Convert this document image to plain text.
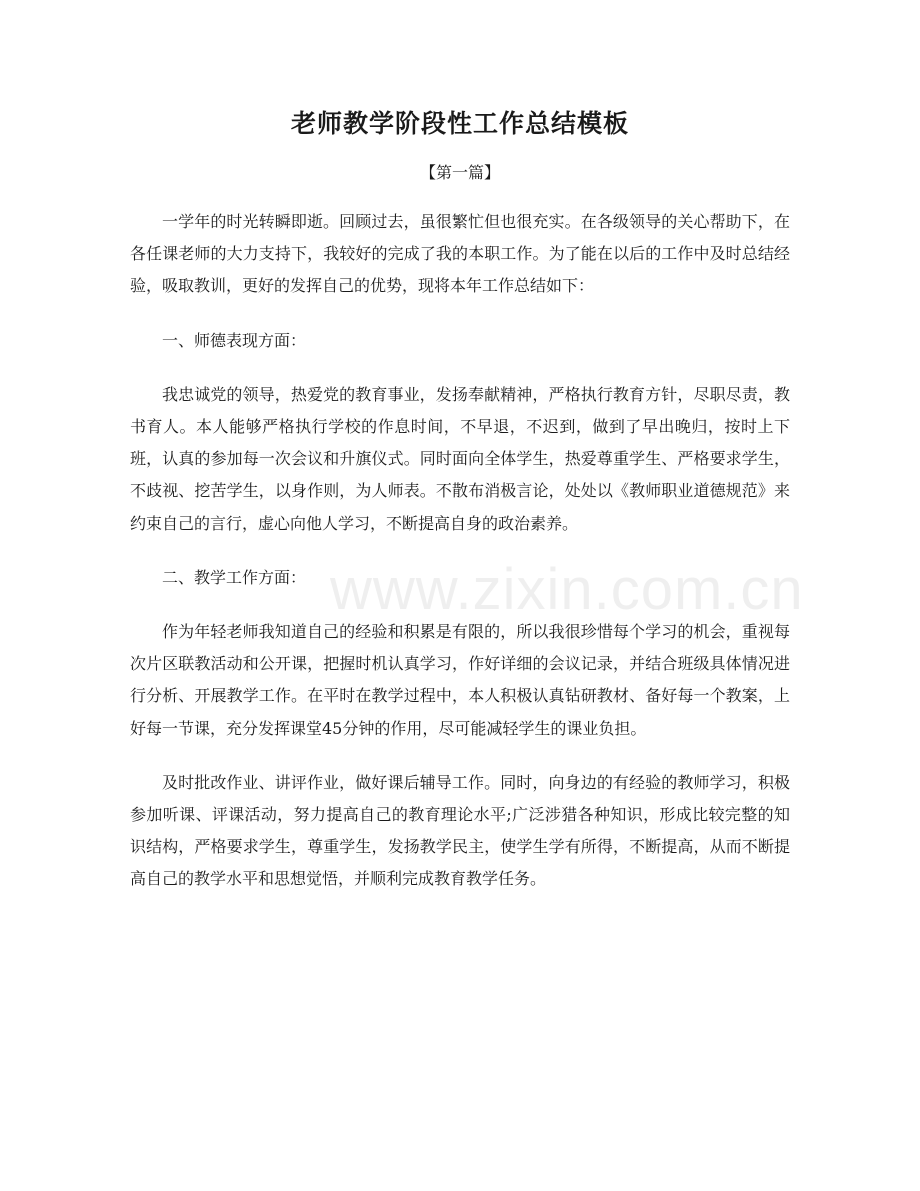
老师教学阶段性工作总结模板
【第一篇】

一学年的时光转瞬即逝。回顾过去，虽很繁忙但也很充实。在各级领导的关心帮助下，在各任课老师的大力支持下，我较好的完成了我的本职工作。为了能在以后的工作中及时总结经验，吸取教训，更好的发挥自己的优势，现将本年工作总结如下：

一、师德表现方面：

我忠诚党的领导，热爱党的教育事业，发扬奉献精神，严格执行教育方针，尽职尽责，教书育人。本人能够严格执行学校的作息时间，不早退，不迟到，做到了早出晚归，按时上下班，认真的参加每一次会议和升旗仪式。同时面向全体学生，热爱尊重学生、严格要求学生，不歧视、挖苦学生，以身作则，为人师表。不散布消极言论，处处以《教师职业道德规范》来约束自己的言行，虚心向他人学习，不断提高自身的政治素养。

二、教学工作方面：

作为年轻老师我知道自己的经验和积累是有限的，所以我很珍惜每个学习的机会，重视每次片区联教活动和公开课，把握时机认真学习，作好详细的会议记录，并结合班级具体情况进行分析、开展教学工作。在平时在教学过程中，本人积极认真钻研教材、备好每一个教案，上好每一节课，充分发挥课堂45分钟的作用，尽可能减轻学生的课业负担。

及时批改作业、讲评作业，做好课后辅导工作。同时，向身边的有经验的教师学习，积极参加听课、评课活动，努力提高自己的教育理论水平;广泛涉猎各种知识，形成比较完整的知识结构，严格要求学生，尊重学生，发扬教学民主，使学生学有所得，不断提高，从而不断提高自己的教学水平和思想觉悟，并顺利完成教育教学任务。

www.zixin.com.cn
